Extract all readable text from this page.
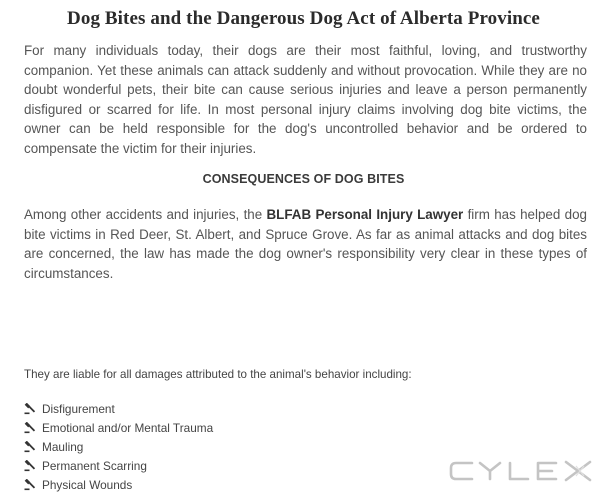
Dog Bites and the Dangerous Dog Act of Alberta Province

For many individuals today, their dogs are their most faithful, loving, and trustworthy companion. Yet these animals can attack suddenly and without provocation. While they are no doubt wonderful pets, their bite can cause serious injuries and leave a person permanently disfigured or scarred for life. In most personal injury claims involving dog bite victims, the owner can be held responsible for the dog's uncontrolled behavior and be ordered to compensate the victim for their injuries.

CONSEQUENCES OF DOG BITES

Among other accidents and injuries, the BLFAB Personal Injury Lawyer firm has helped dog bite victims in Red Deer, St. Albert, and Spruce Grove. As far as animal attacks and dog bites are concerned, the law has made the dog owner's responsibility very clear in these types of circumstances.

They are liable for all damages attributed to the animal's behavior including:

Disfigurement
Emotional and/or Mental Trauma
Mauling
Permanent Scarring
Physical Wounds
